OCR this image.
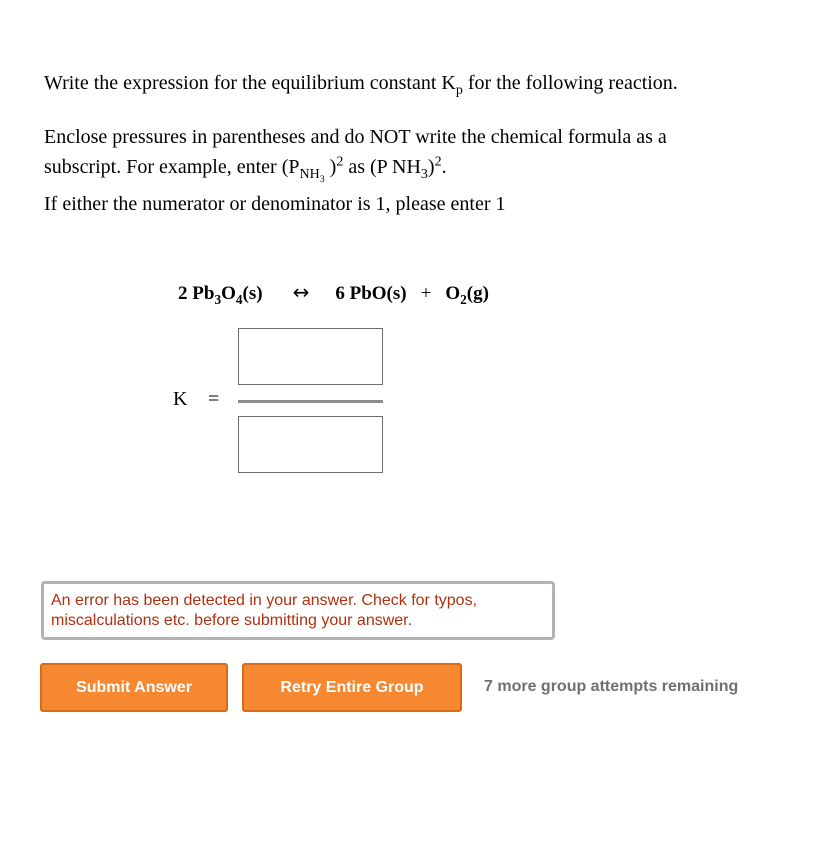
Write the expression for the equilibrium constant $K_p$ for the following reaction.
Enclose pressures in parentheses and do NOT write the chemical formula as a
subscript. For example, enter ($P_{NH_3}$ )$^2$ as (P $NH_3)^2$.
If either the numerator or denominator is 1, please enter 1
2 $Pb_3O_4(s)$ ↔ 6 $PbO(s) + O_2(g)$
K =
An error has been detected in your answer. Check for typos, miscalculations etc. before submitting your answer.
Submit Answer	Retry Entire Group	7 more group attempts remaining
